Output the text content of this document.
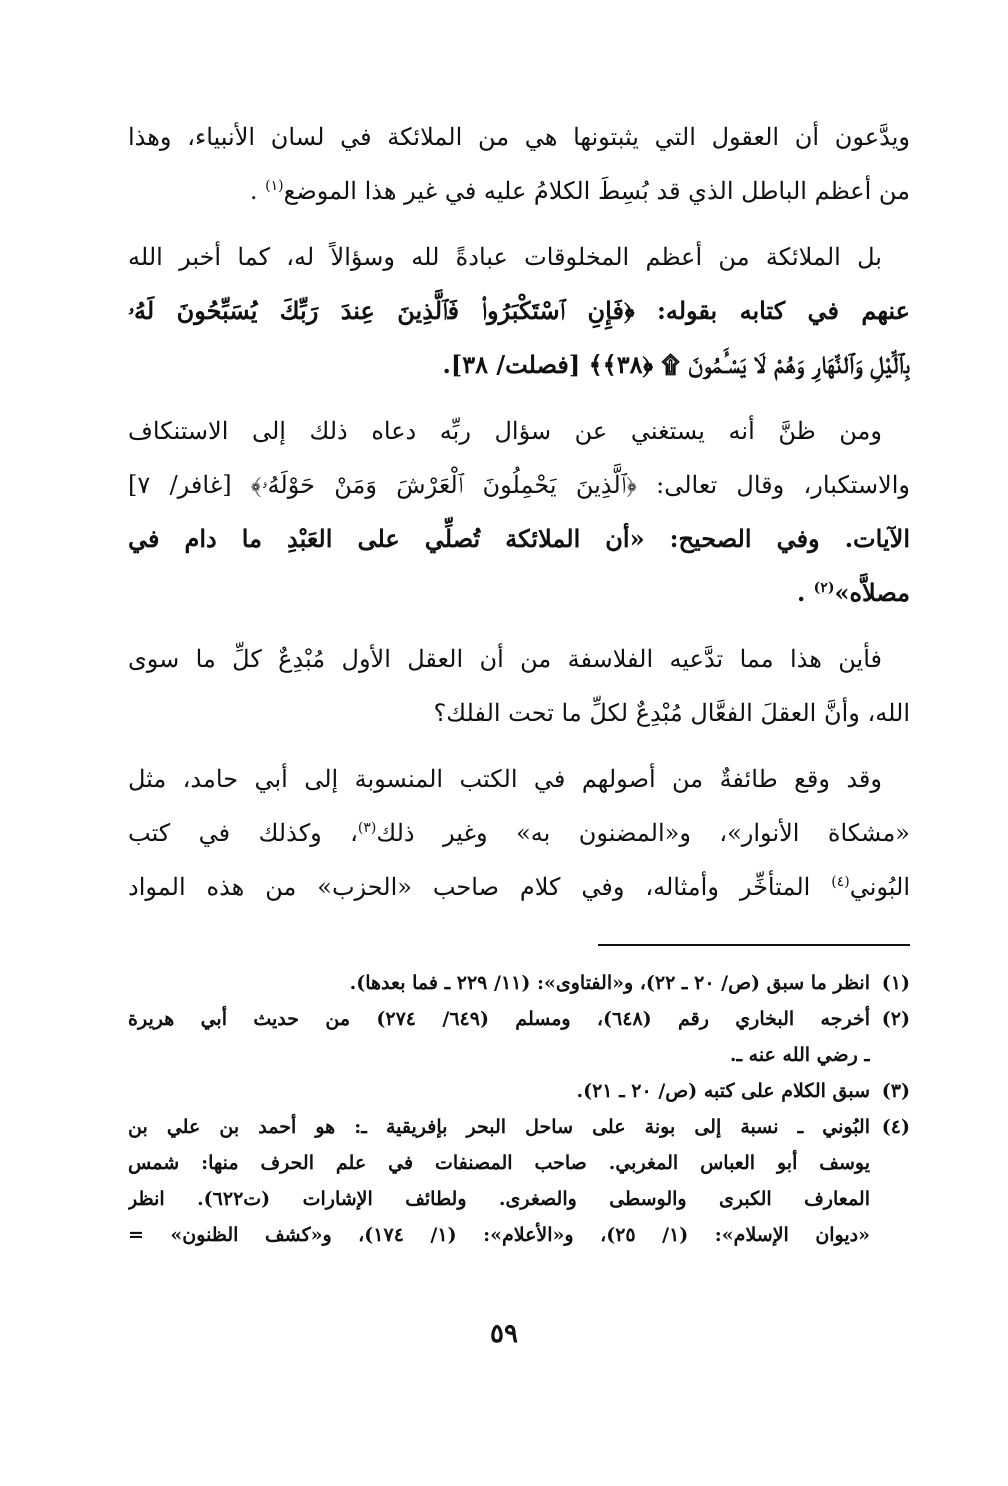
ويدَّعون أن العقول التي يثبتونها هي من الملائكة في لسان الأنبياء، وهذا
من أعظم الباطل الذي قد بُسِطَ الكلامُ عليه في غير هذا الموضع$^{(١)}$ .
بل الملائكة من أعظم المخلوقات عبادةً لله وسؤالاً له، كما أخبر الله
عنهم في كتابه بقوله: ﴿فَإِنِ ٱسْتَكْبَرُوا۟ فَٱلَّذِينَ عِندَ رَبِّكَ يُسَبِّحُونَ لَهُۥ
بِٱلَّيْلِ وَٱلنَّهَارِ وَهُمْ لَا يَسْـَٔمُونَ ۩ ﴿٣٨﴾﴾ [فصلت/ ٣٨].
ومن ظنَّ أنه يستغني عن سؤال ربِّه دعاه ذلك إلى الاستنكاف
والاستكبار، وقال تعالى: ﴿ٱلَّذِينَ يَحْمِلُونَ ٱلْعَرْشَ وَمَنْ حَوْلَهُۥ﴾ [غافر/ ٧]
الآيات. وفي الصحيح: «أن الملائكة تُصلِّي على العَبْدِ ما دام في
مصلاَّه»$^{(٢)}$ .
فأين هذا مما تدَّعيه الفلاسفة من أن العقل الأول مُبْدِعٌ كلِّ ما سوى
الله، وأنَّ العقلَ الفعَّال مُبْدِعٌ لكلِّ ما تحت الفلك؟
وقد وقع طائفةٌ من أصولهم في الكتب المنسوبة إلى أبي حامد، مثل
«مشكاة الأنوار»، و«المضنون به» وغير ذلك$^{(٣)}$، وكذلك في كتب
البُوني$^{(٤)}$ المتأخِّر وأمثاله، وفي كلام صاحب «الحزب» من هذه المواد
(١)
انظر ما سبق (ص/ ٢٠ ـ ٢٢)، و«الفتاوى»: (١١/ ٢٢٩ ـ فما بعدها).
(٢)
أخرجه البخاري رقم (٦٤٨)، ومسلم (٦٤٩/ ٢٧٤) من حديث أبي هريرة
ـ رضي الله عنه ـ.
(٣)
سبق الكلام على كتبه (ص/ ٢٠ ـ ٢١).
(٤)
البُوني ـ نسبة إلى بونة على ساحل البحر بإفريقية ـ: هو أحمد بن علي بن
يوسف أبو العباس المغربي. صاحب المصنفات في علم الحرف منها: شمس
المعارف الكبرى والوسطى والصغرى. ولطائف الإشارات (ت٦٢٢). انظر
«ديوان الإسلام»: (١/ ٢٥)، و«الأعلام»: (١/ ١٧٤)، و«كشف الظنون» =
٥٩
